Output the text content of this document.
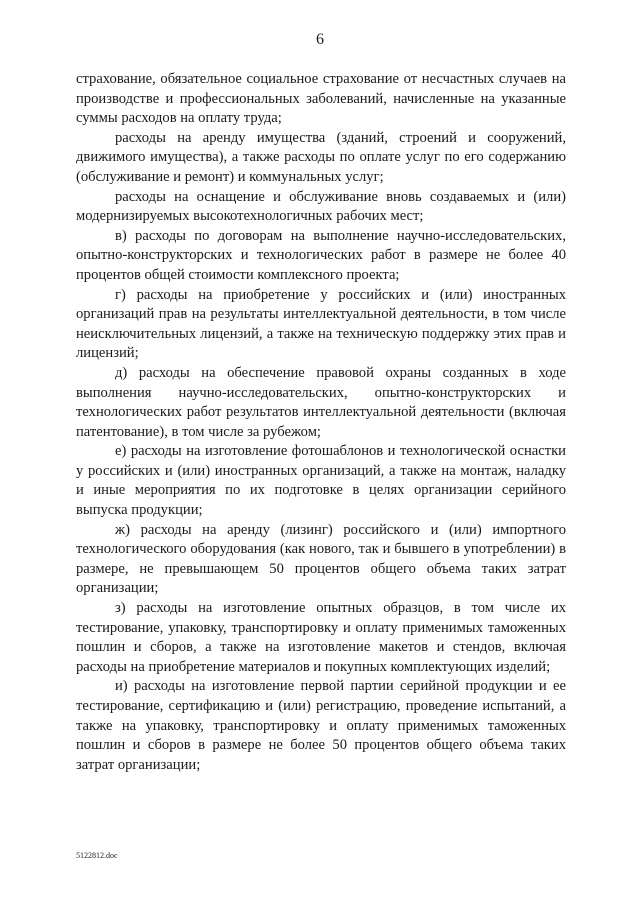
6

страхование, обязательное социальное страхование от несчастных случаев на производстве и профессиональных заболеваний, начисленные на указанные суммы расходов на оплату труда;

расходы на аренду имущества (зданий, строений и сооружений, движимого имущества), а также расходы по оплате услуг по его содержанию (обслуживание и ремонт) и коммунальных услуг;

расходы на оснащение и обслуживание вновь создаваемых и (или) модернизируемых высокотехнологичных рабочих мест;

в) расходы по договорам на выполнение научно-исследовательских, опытно-конструкторских и технологических работ в размере не более 40 процентов общей стоимости комплексного проекта;

г) расходы на приобретение у российских и (или) иностранных организаций прав на результаты интеллектуальной деятельности, в том числе неисключительных лицензий, а также на техническую поддержку этих прав и лицензий;

д) расходы на обеспечение правовой охраны созданных в ходе выполнения научно-исследовательских, опытно-конструкторских и технологических работ результатов интеллектуальной деятельности (включая патентование), в том числе за рубежом;

е) расходы на изготовление фотошаблонов и технологической оснастки у российских и (или) иностранных организаций, а также на монтаж, наладку и иные мероприятия по их подготовке в целях организации серийного выпуска продукции;

ж) расходы на аренду (лизинг) российского и (или) импортного технологического оборудования (как нового, так и бывшего в употреблении) в размере, не превышающем 50 процентов общего объема таких затрат организации;

з) расходы на изготовление опытных образцов, в том числе их тестирование, упаковку, транспортировку и оплату применимых таможенных пошлин и сборов, а также на изготовление макетов и стендов, включая расходы на приобретение материалов и покупных комплектующих изделий;

и) расходы на изготовление первой партии серийной продукции и ее тестирование, сертификацию и (или) регистрацию, проведение испытаний, а также на упаковку, транспортировку и оплату применимых таможенных пошлин и сборов в размере не более 50 процентов общего объема таких затрат организации;

5122812.doc
